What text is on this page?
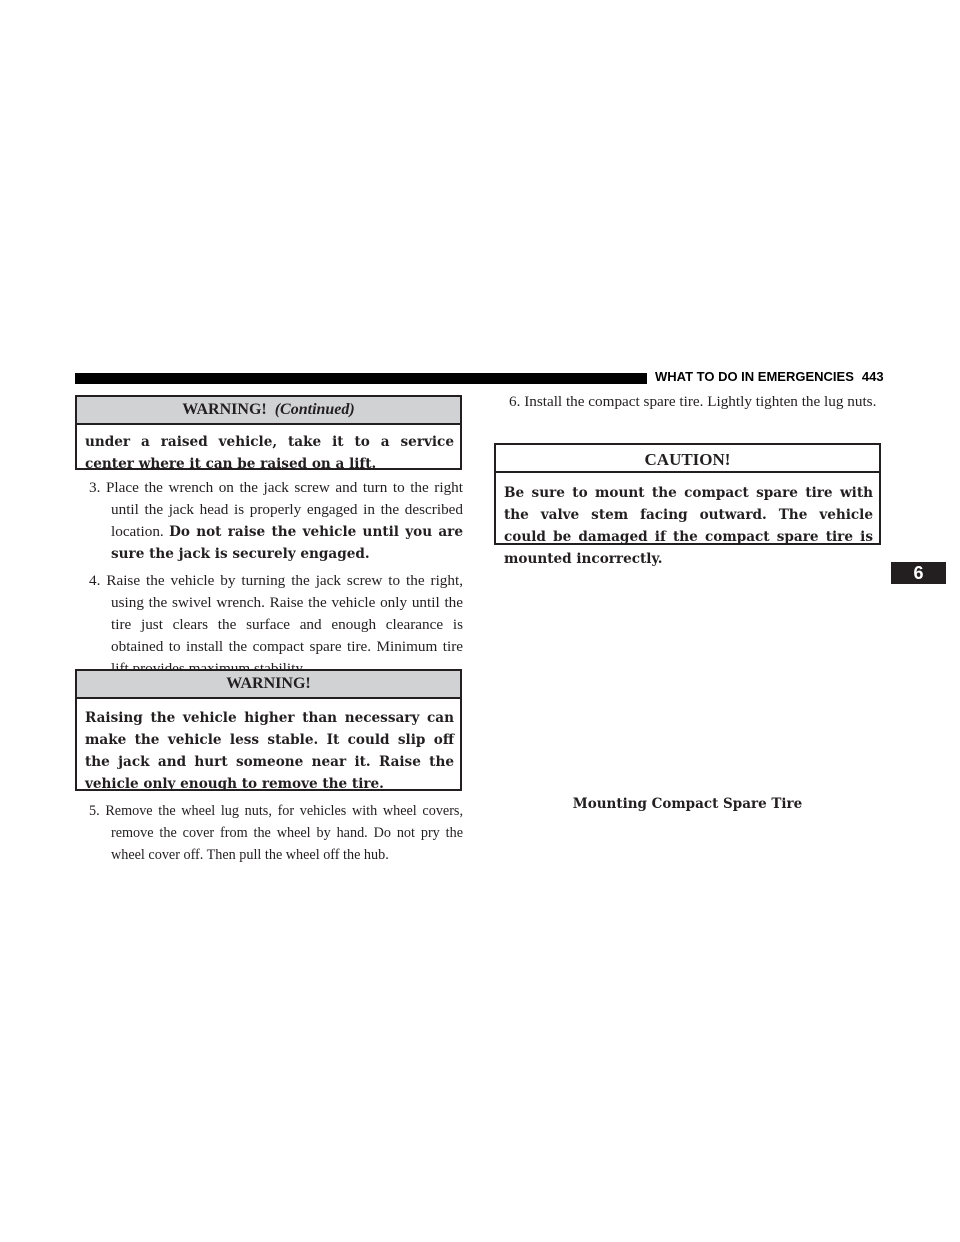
WHAT TO DO IN EMERGENCIES 443
WARNING! (Continued)
under a raised vehicle, take it to a service center where it can be raised on a lift.
3. Place the wrench on the jack screw and turn to the right until the jack head is properly engaged in the described location. Do not raise the vehicle until you are sure the jack is securely engaged.
4. Raise the vehicle by turning the jack screw to the right, using the swivel wrench. Raise the vehicle only until the tire just clears the surface and enough clearance is obtained to install the compact spare tire. Minimum tire
WARNING!
Raising the vehicle higher than necessary can make the vehicle less stable. It could slip off the jack and hurt someone near it. Raise the vehicle only enough to remove the tire.
5. Remove the wheel lug nuts, for vehicles with wheel covers, remove the cover from the wheel by hand. Do not pry the wheel cover off. Then pull the wheel off the hub.
6. Install the compact spare tire. Lightly tighten the lug nuts.
CAUTION!
Be sure to mount the compact spare tire with the valve stem facing outward. The vehicle could be damaged if the compact spare tire is mounted incorrectly.
Mounting Compact Spare Tire
6
